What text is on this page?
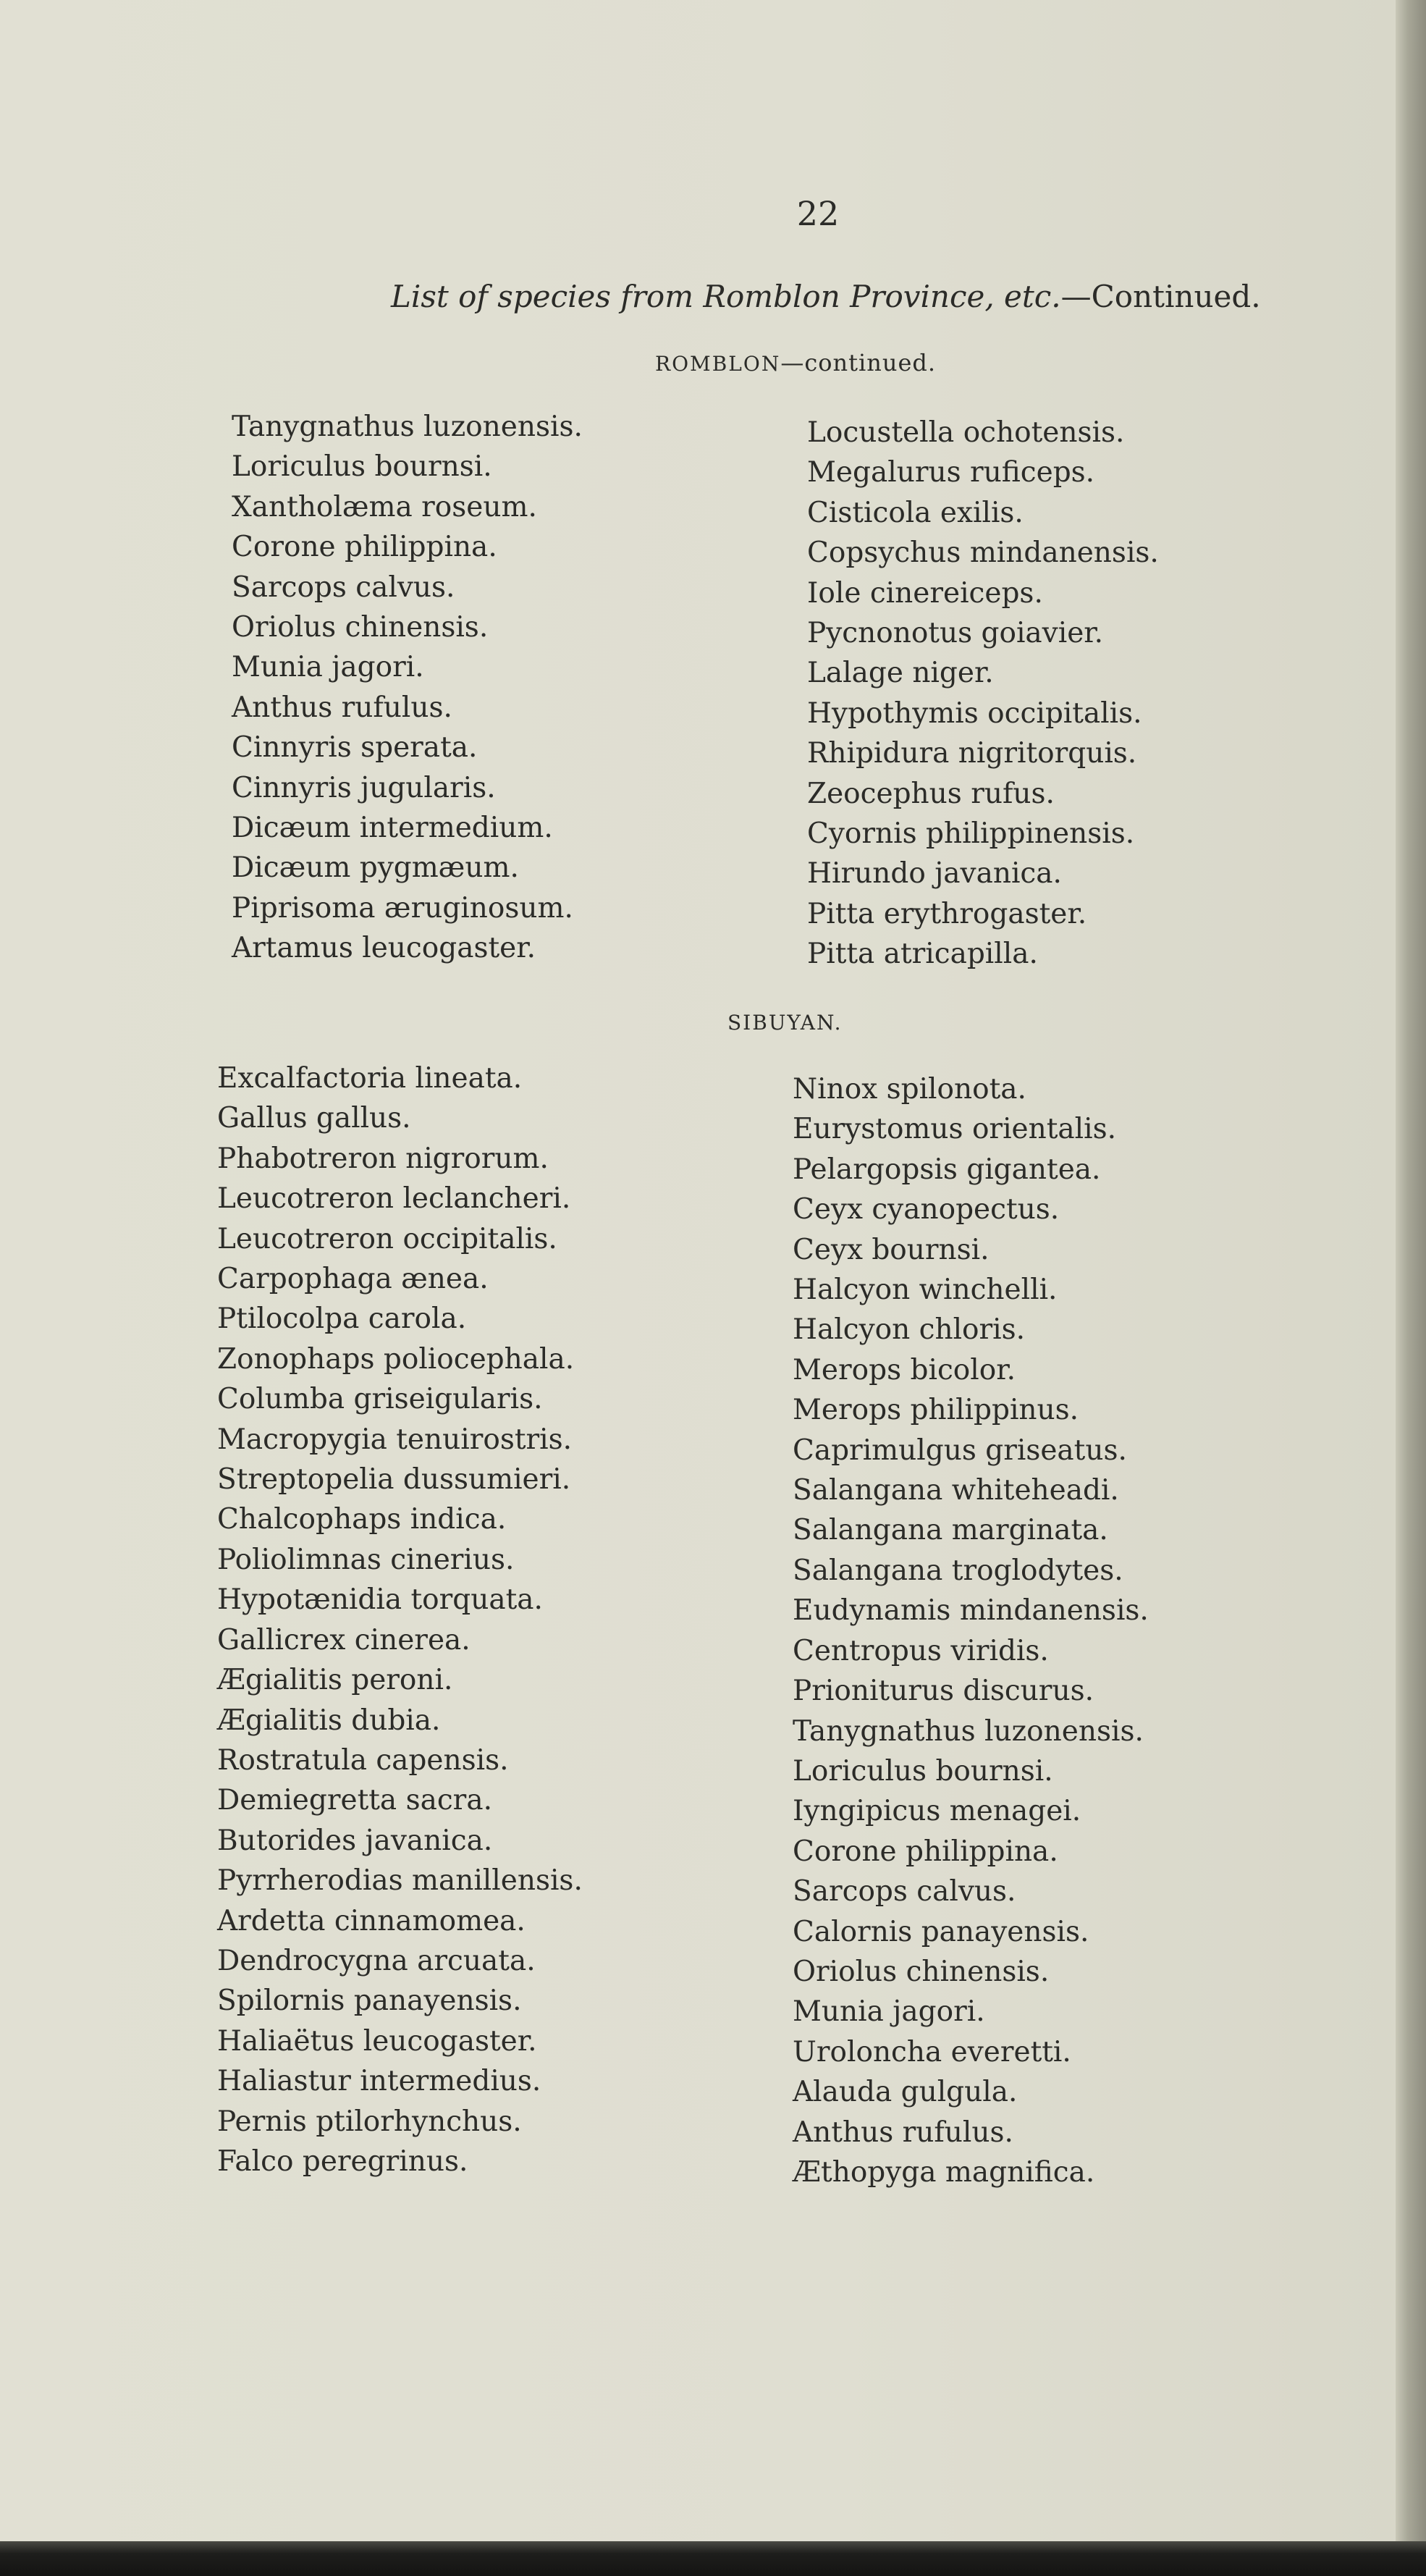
22
List of species from Romblon Province, etc.—Continued.
ROMBLON—continued.
Tanygnathus luzonensis.
Loriculus bournsi.
Xantholæma roseum.
Corone philippina.
Sarcops calvus.
Oriolus chinensis.
Munia jagori.
Anthus rufulus.
Cinnyris sperata.
Cinnyris jugularis.
Dicæum intermedium.
Dicæum pygmæum.
Piprisoma æruginosum.
Artamus leucogaster.
Locustella ochotensis.
Megalurus ruficeps.
Cisticola exilis.
Copsychus mindanensis.
Iole cinereiceps.
Pycnonotus goiavier.
Lalage niger.
Hypothymis occipitalis.
Rhipidura nigritorquis.
Zeocephus rufus.
Cyornis philippinensis.
Hirundo javanica.
Pitta erythrogaster.
Pitta atricapilla.
SIBUYAN.
Excalfactoria lineata.
Gallus gallus.
Phabotreron nigrorum.
Leucotreron leclancheri.
Leucotreron occipitalis.
Carpophaga ænea.
Ptilocolpa carola.
Zonophaps poliocephala.
Columba griseigularis.
Macropygia tenuirostris.
Streptopelia dussumieri.
Chalcophaps indica.
Poliolimnas cinerius.
Hypotænidia torquata.
Gallicrex cinerea.
Ægialitis peroni.
Ægialitis dubia.
Rostratula capensis.
Demiegretta sacra.
Butorides javanica.
Pyrrherodias manillensis.
Ardetta cinnamomea.
Dendrocygna arcuata.
Spilornis panayensis.
Haliaëtus leucogaster.
Haliastur intermedius.
Pernis ptilorhynchus.
Falco peregrinus.
Ninox spilonota.
Eurystomus orientalis.
Pelargopsis gigantea.
Ceyx cyanopectus.
Ceyx bournsi.
Halcyon winchelli.
Halcyon chloris.
Merops bicolor.
Merops philippinus.
Caprimulgus griseatus.
Salangana whiteheadi.
Salangana marginata.
Salangana troglodytes.
Eudynamis mindanensis.
Centropus viridis.
Prioniturus discurus.
Tanygnathus luzonensis.
Loriculus bournsi.
Iyngipicus menagei.
Corone philippina.
Sarcops calvus.
Calornis panayensis.
Oriolus chinensis.
Munia jagori.
Uroloncha everetti.
Alauda gulgula.
Anthus rufulus.
Æthopyga magnifica.
